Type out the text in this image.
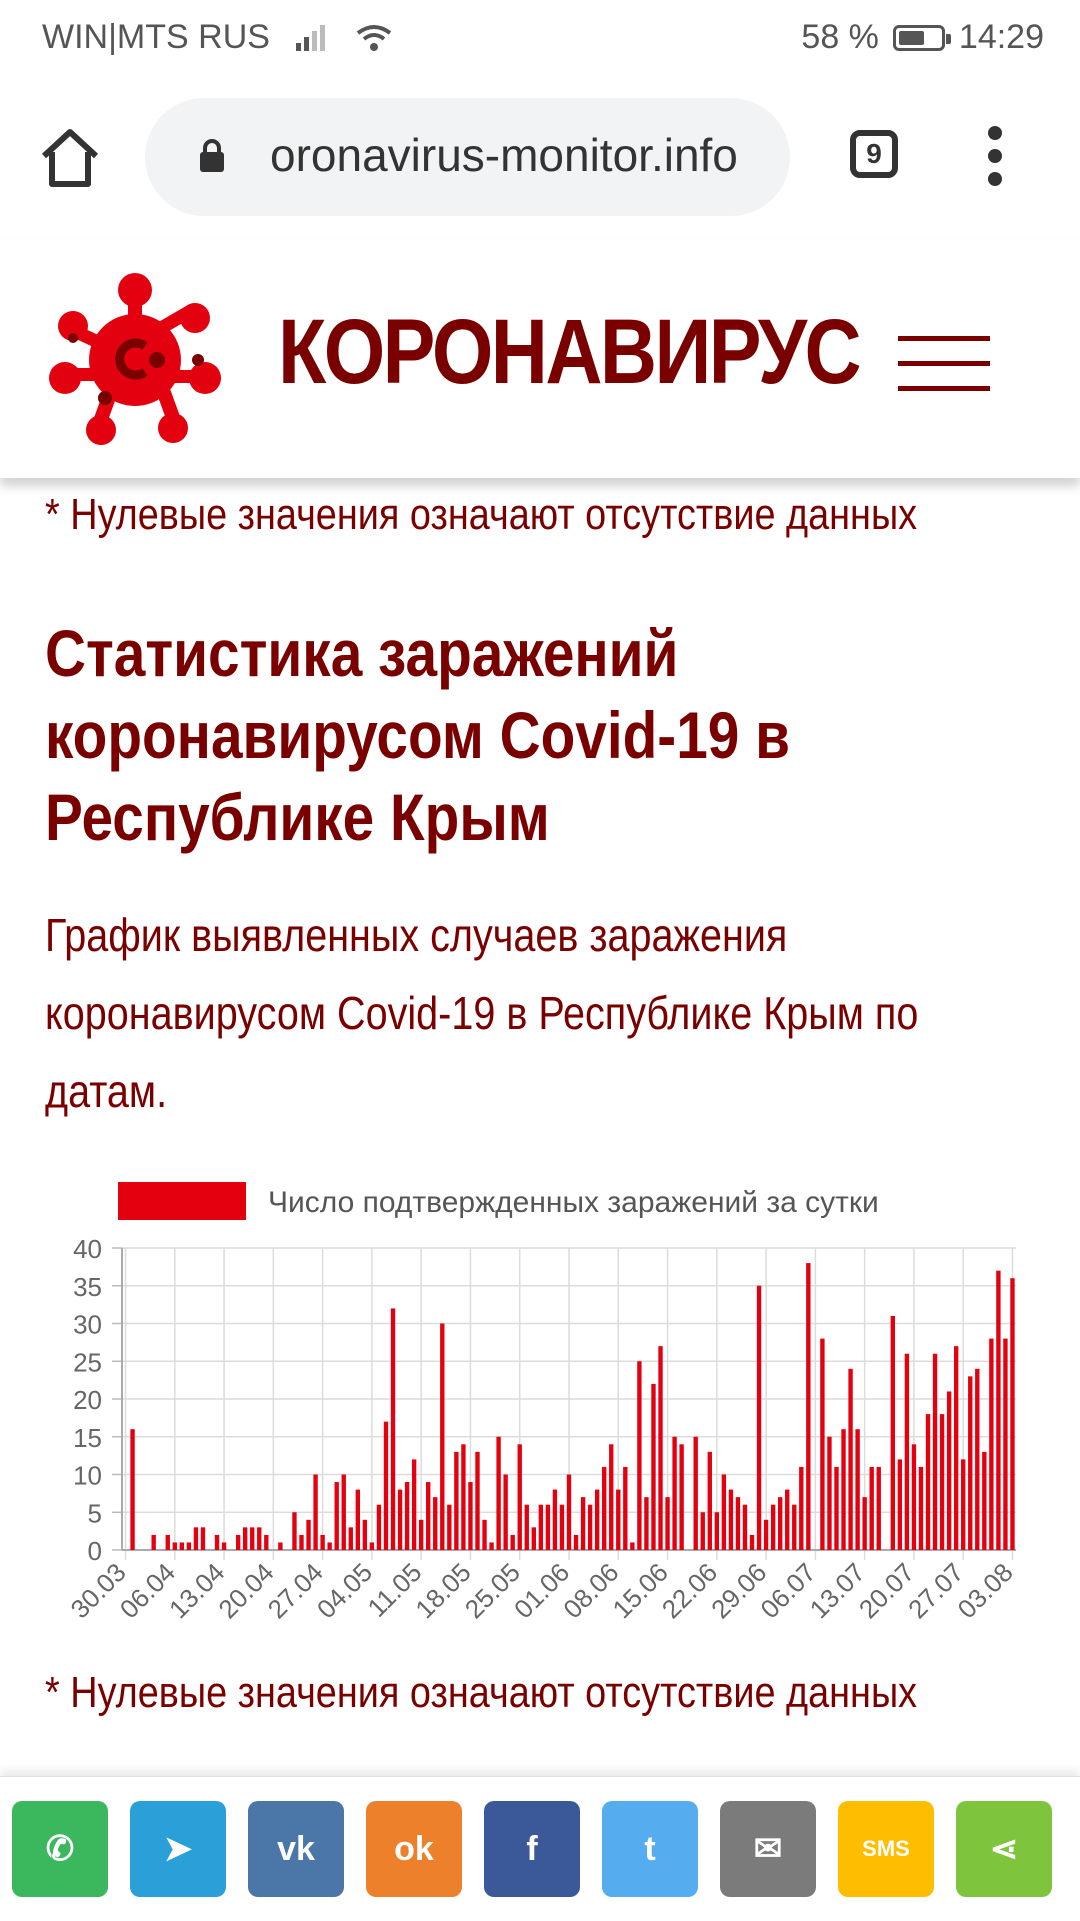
WIN|MTS RUS	58 % 14:29
oronavirus-monitor.info	9
КОРОНАВИРУС
* Нулевые значения означают отсутствие данных
Статистика заражений коронавирусом Covid-19 в Республике Крым

График выявленных случаев заражения коронавирусом Covid-19 в Республике Крым по датам.

Число подтвержденных заражений за сутки
0
5
10
15
20
25
30
35
40
30.03
06.04
13.04
20.04
27.04
04.05
11.05
18.05
25.05
01.06
08.06
15.06
22.06
29.06
06.07
13.07
20.07
27.07
03.08
* Нулевые значения означают отсутствие данных
✆	➤ vk ok	f	t	✉	SMS ⋖
